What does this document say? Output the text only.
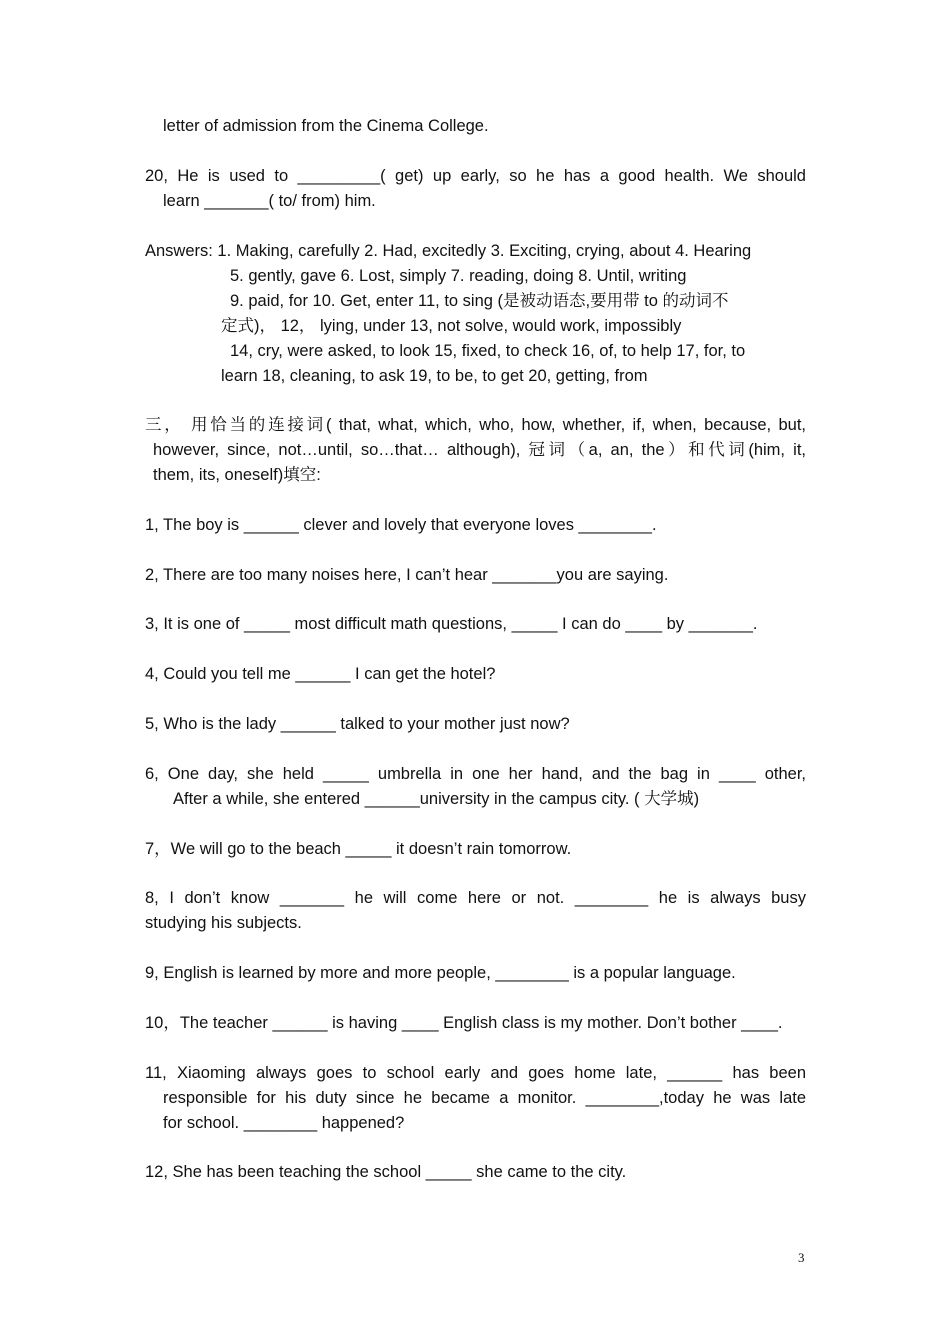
letter of admission from the Cinema College.
20, He is used to _________( get) up early, so he has a good health. We should
learn _______( to/ from) him.
Answers: 1. Making, carefully 2. Had, excitedly 3. Exciting, crying, about 4. Hearing
5. gently, gave 6. Lost, simply 7. reading, doing 8. Until, writing
9. paid, for 10. Get, enter 11, to sing (是被动语态,要用带 to 的动词不
定式)， 12， lying, under 13, not solve, would work, impossibly
14, cry, were asked, to look 15, fixed, to check 16, of, to help 17, for, to
learn 18, cleaning, to ask 19, to be, to get 20, getting, from
三， 用恰当的连接词( that, what, which, who, how, whether, if, when, because, but,
however, since, not…until, so…that… although), 冠词（a, an, the）和代词(him, it,
them, its, oneself)填空:
1, The boy is ______ clever and lovely that everyone loves ________.
2, There are too many noises here, I can’t hear _______you are saying.
3, It is one of _____ most difficult math questions, _____ I can do ____ by _______.
4, Could you tell me ______ I can get the hotel?
5, Who is the lady ______ talked to your mother just now?
6, One day, she held _____ umbrella in one her hand, and the bag in ____ other,
After a while, she entered ______university in the campus city. ( 大学城)
7，We will go to the beach _____ it doesn’t rain tomorrow.
8, I don’t know _______ he will come here or not. ________ he is always busy
studying his subjects.
9, English is learned by more and more people, ________ is a popular language.
10，The teacher ______ is having ____ English class is my mother. Don’t bother ____.
11, Xiaoming always goes to school early and goes home late, ______ has been
responsible for his duty since he became a monitor. ________,today he was late
for school. ________ happened?
12, She has been teaching the school _____ she came to the city.
3
